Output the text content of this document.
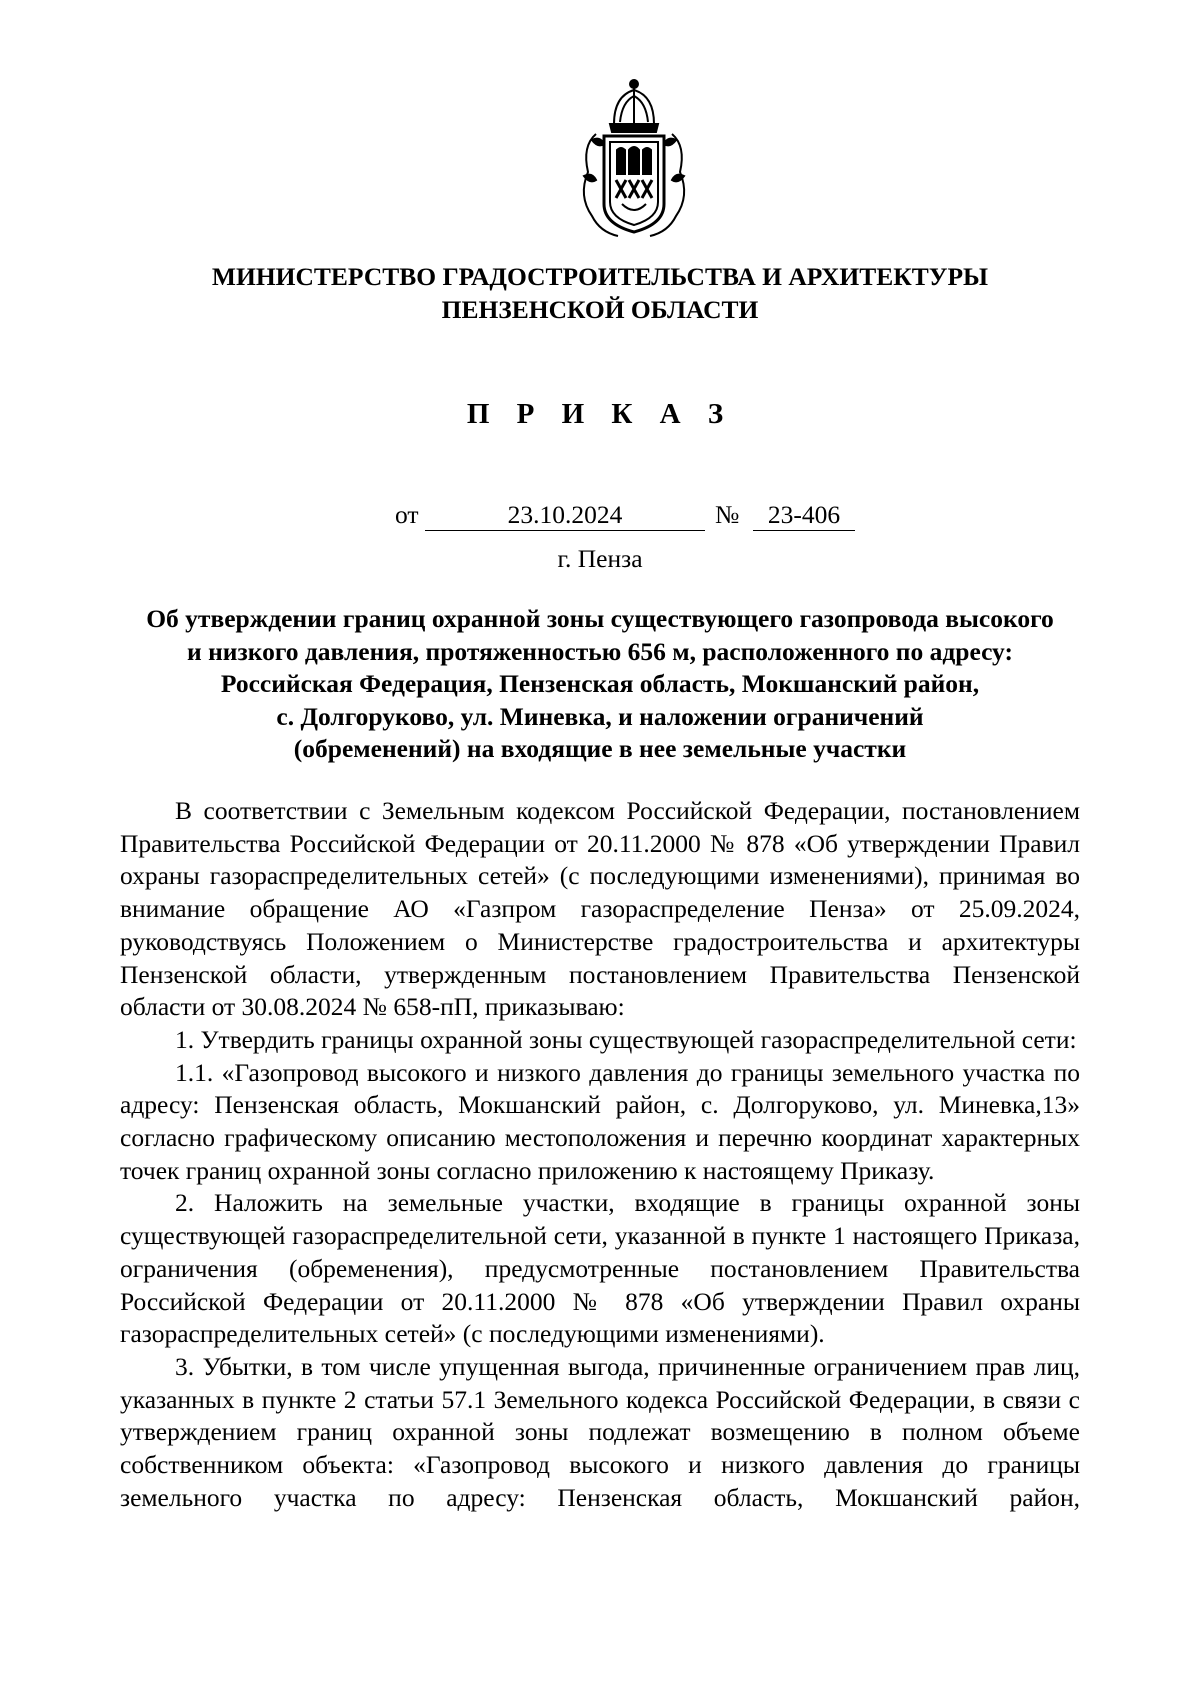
МИНИСТЕРСТВО ГРАДОСТРОИТЕЛЬСТВА И АРХИТЕКТУРЫ
ПЕНЗЕНСКОЙ ОБЛАСТИ
П Р И К А З
от	23.10.2024	№	23-406
г. Пенза
Об утверждении границ охранной зоны существующего газопровода высокого
и низкого давления, протяженностью 656 м, расположенного по адресу:
Российская Федерация, Пензенская область, Мокшанский район,
с. Долгоруково, ул. Миневка, и наложении ограничений
(обременений) на входящие в нее земельные участки

В соответствии с Земельным кодексом Российской Федерации, постановлением Правительства Российской Федерации от 20.11.2000 № 878 «Об утверждении Правил охраны газораспределительных сетей» (с последующими изменениями), принимая во внимание обращение АО «Газпром газораспределение Пенза» от 25.09.2024, руководствуясь Положением о Министерстве градостроительства и архитектуры Пензенской области, утвержденным постановлением Правительства Пензенской области от 30.08.2024 № 658-пП, приказываю:

1. Утвердить границы охранной зоны существующей газораспределительной сети:

1.1. «Газопровод высокого и низкого давления до границы земельного участка по адресу: Пензенская область, Мокшанский район, с. Долгоруково, ул. Миневка,13» согласно графическому описанию местоположения и перечню координат характерных точек границ охранной зоны согласно приложению к настоящему Приказу.

2. Наложить на земельные участки, входящие в границы охранной зоны существующей газораспределительной сети, указанной в пункте 1 настоящего Приказа, ограничения (обременения), предусмотренные постановлением Правительства Российской Федерации от 20.11.2000 № 878 «Об утверждении Правил охраны газораспределительных сетей» (с последующими изменениями).

3. Убытки, в том числе упущенная выгода, причиненные ограничением прав лиц, указанных в пункте 2 статьи 57.1 Земельного кодекса Российской Федерации, в связи с утверждением границ охранной зоны подлежат возмещению в полном объеме собственником объекта: «Газопровод высокого и низкого давления до границы земельного участка по адресу: Пензенская область, Мокшанский район,
